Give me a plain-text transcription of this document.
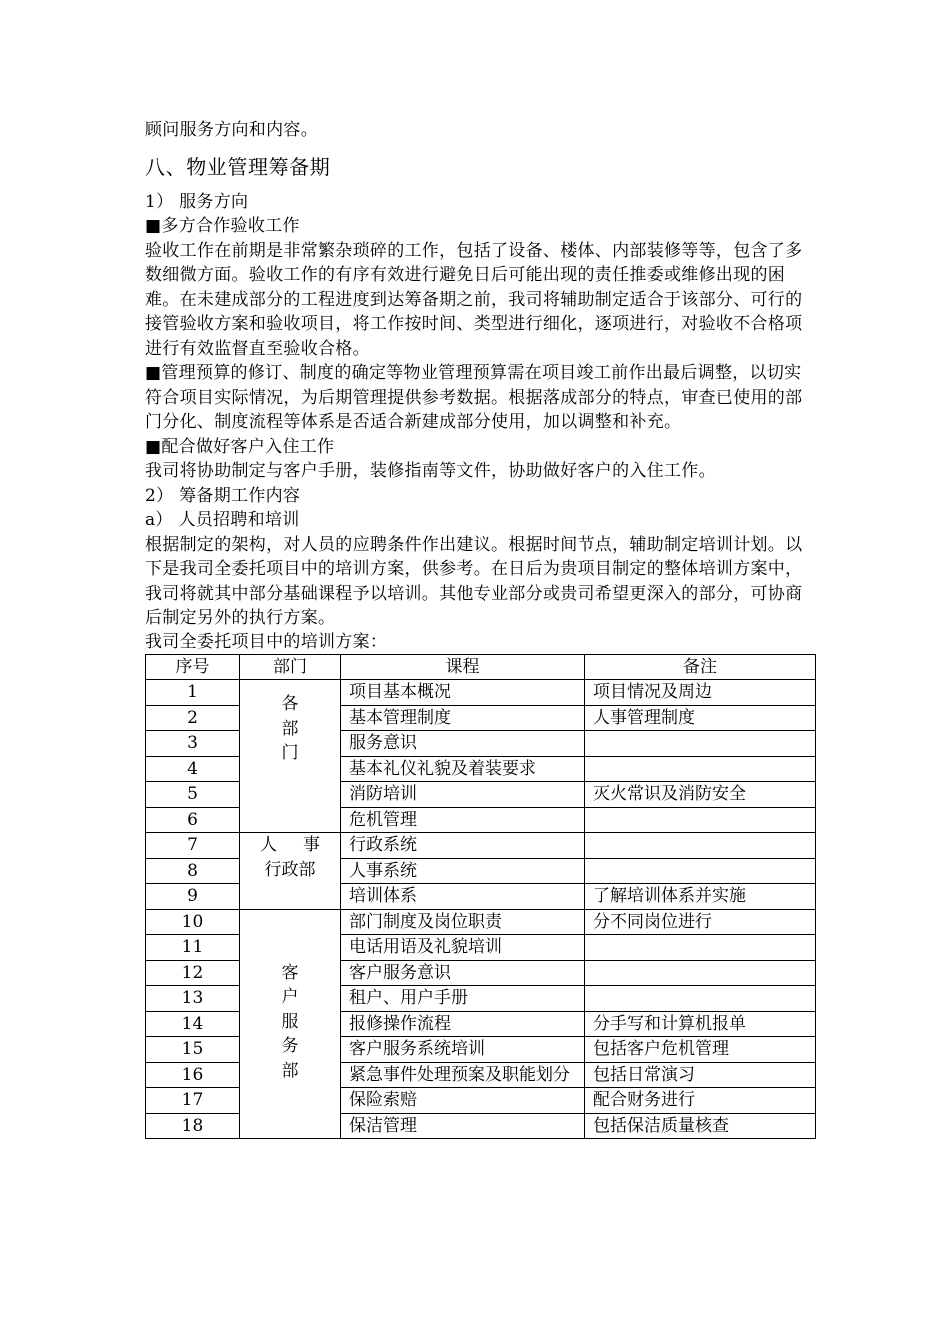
顾问服务方向和内容。
八、物业管理筹备期
1） 服务方向
■多方合作验收工作
验收工作在前期是非常繁杂琐碎的工作，包括了设备、楼体、内部装修等等，包含了多数细微方面。验收工作的有序有效进行避免日后可能出现的责任推委或维修出现的困难。在未建成部分的工程进度到达筹备期之前，我司将辅助制定适合于该部分、可行的接管验收方案和验收项目，将工作按时间、类型进行细化，逐项进行，对验收不合格项进行有效监督直至验收合格。
■管理预算的修订、制度的确定等物业管理预算需在项目竣工前作出最后调整，以切实符合项目实际情况，为后期管理提供参考数据。根据落成部分的特点，审查已使用的部门分化、制度流程等体系是否适合新建成部分使用，加以调整和补充。
■配合做好客户入住工作
我司将协助制定与客户手册，装修指南等文件，协助做好客户的入住工作。
2） 筹备期工作内容
a） 人员招聘和培训
根据制定的架构，对人员的应聘条件作出建议。根据时间节点，辅助制定培训计划。以下是我司全委托项目中的培训方案，供参考。在日后为贵项目制定的整体培训方案中，我司将就其中部分基础课程予以培训。其他专业部分或贵司希望更深入的部分，可协商后制定另外的执行方案。
我司全委托项目中的培训方案：
序号	部门	课程	备注
1	各
部
门	项目基本概况	项目情况及周边
2		基本管理制度	人事管理制度
3		服务意识	
4		基本礼仪礼貌及着装要求	
5		消防培训	灭火常识及消防安全
6		危机管理	
7	人 事
行政部	行政系统	
8		人事系统	
9		培训体系	了解培训体系并实施
10	客
户
服
务
部	部门制度及岗位职责	分不同岗位进行
11		电话用语及礼貌培训	
12		客户服务意识	
13		租户、用户手册	
14		报修操作流程	分手写和计算机报单
15		客户服务系统培训	包括客户危机管理
16		紧急事件处理预案及职能划分	包括日常演习
17		保险索赔	配合财务进行
18		保洁管理	包括保洁质量核查
